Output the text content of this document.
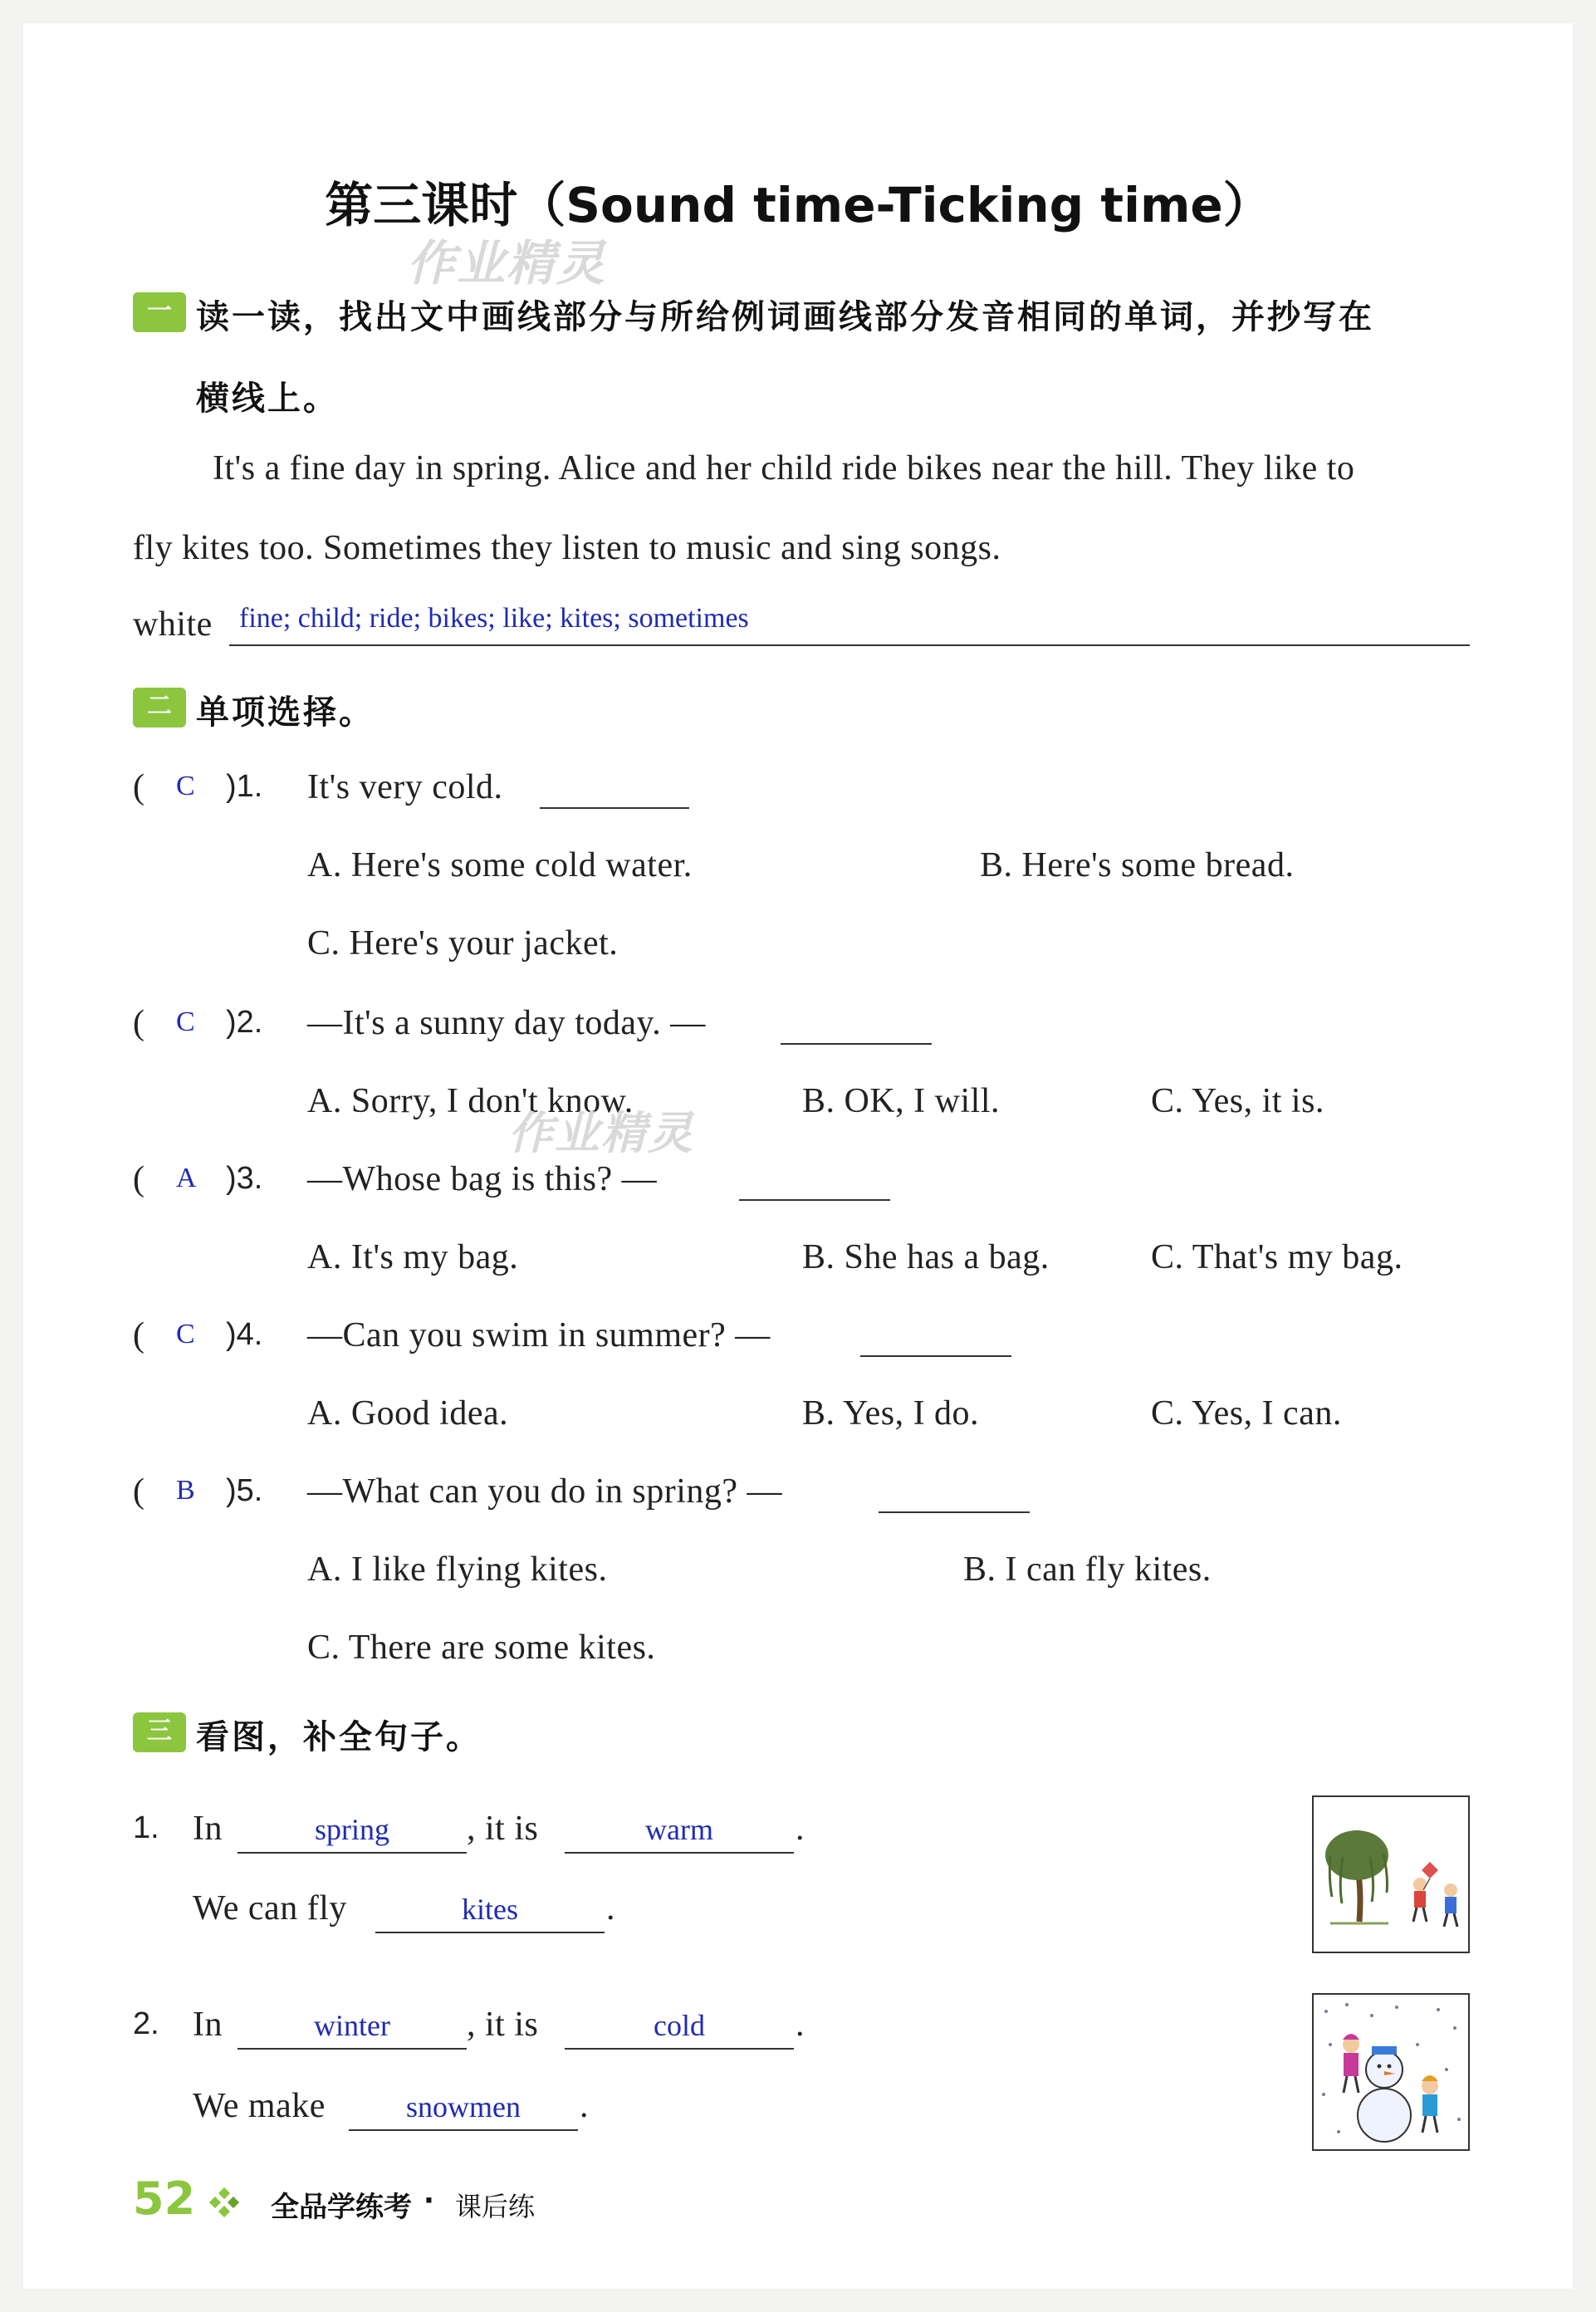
第三课时（Sound time-Ticking time）
作业精灵
一 读一读，找出文中画线部分与所给例词画线部分发音相同的单词，并抄写在
横线上。
It's a fine day in spring. Alice and her child ride bikes near the hill. They like to
fly kites too. Sometimes they listen to music and sing songs.
white fine; child; ride; bikes; like; kites; sometimes
二 单项选择。
( C )1. It's very cold.
A. Here's some cold water.	B. Here's some bread.
C. Here's your jacket.
( C )2. —It's a sunny day today. —
A. Sorry, I don't know.	B. OK, I will.	C. Yes, it is.
作业精灵
( A )3. —Whose bag is this? —
A. It's my bag.	B. She has a bag.	C. That's my bag.
( C )4. —Can you swim in summer? —
A. Good idea.	B. Yes, I do.	C. Yes, I can.
( B )5. —What can you do in spring? —
A. I like flying kites.	B. I can fly kites.
C. There are some kites.
三 看图，补全句子。
1. In	spring	, it is	warm	.
We can fly	kites	.
2. In	winter	, it is	cold	.
We make	snowmen	.
52	全品学练考 · 课后练
